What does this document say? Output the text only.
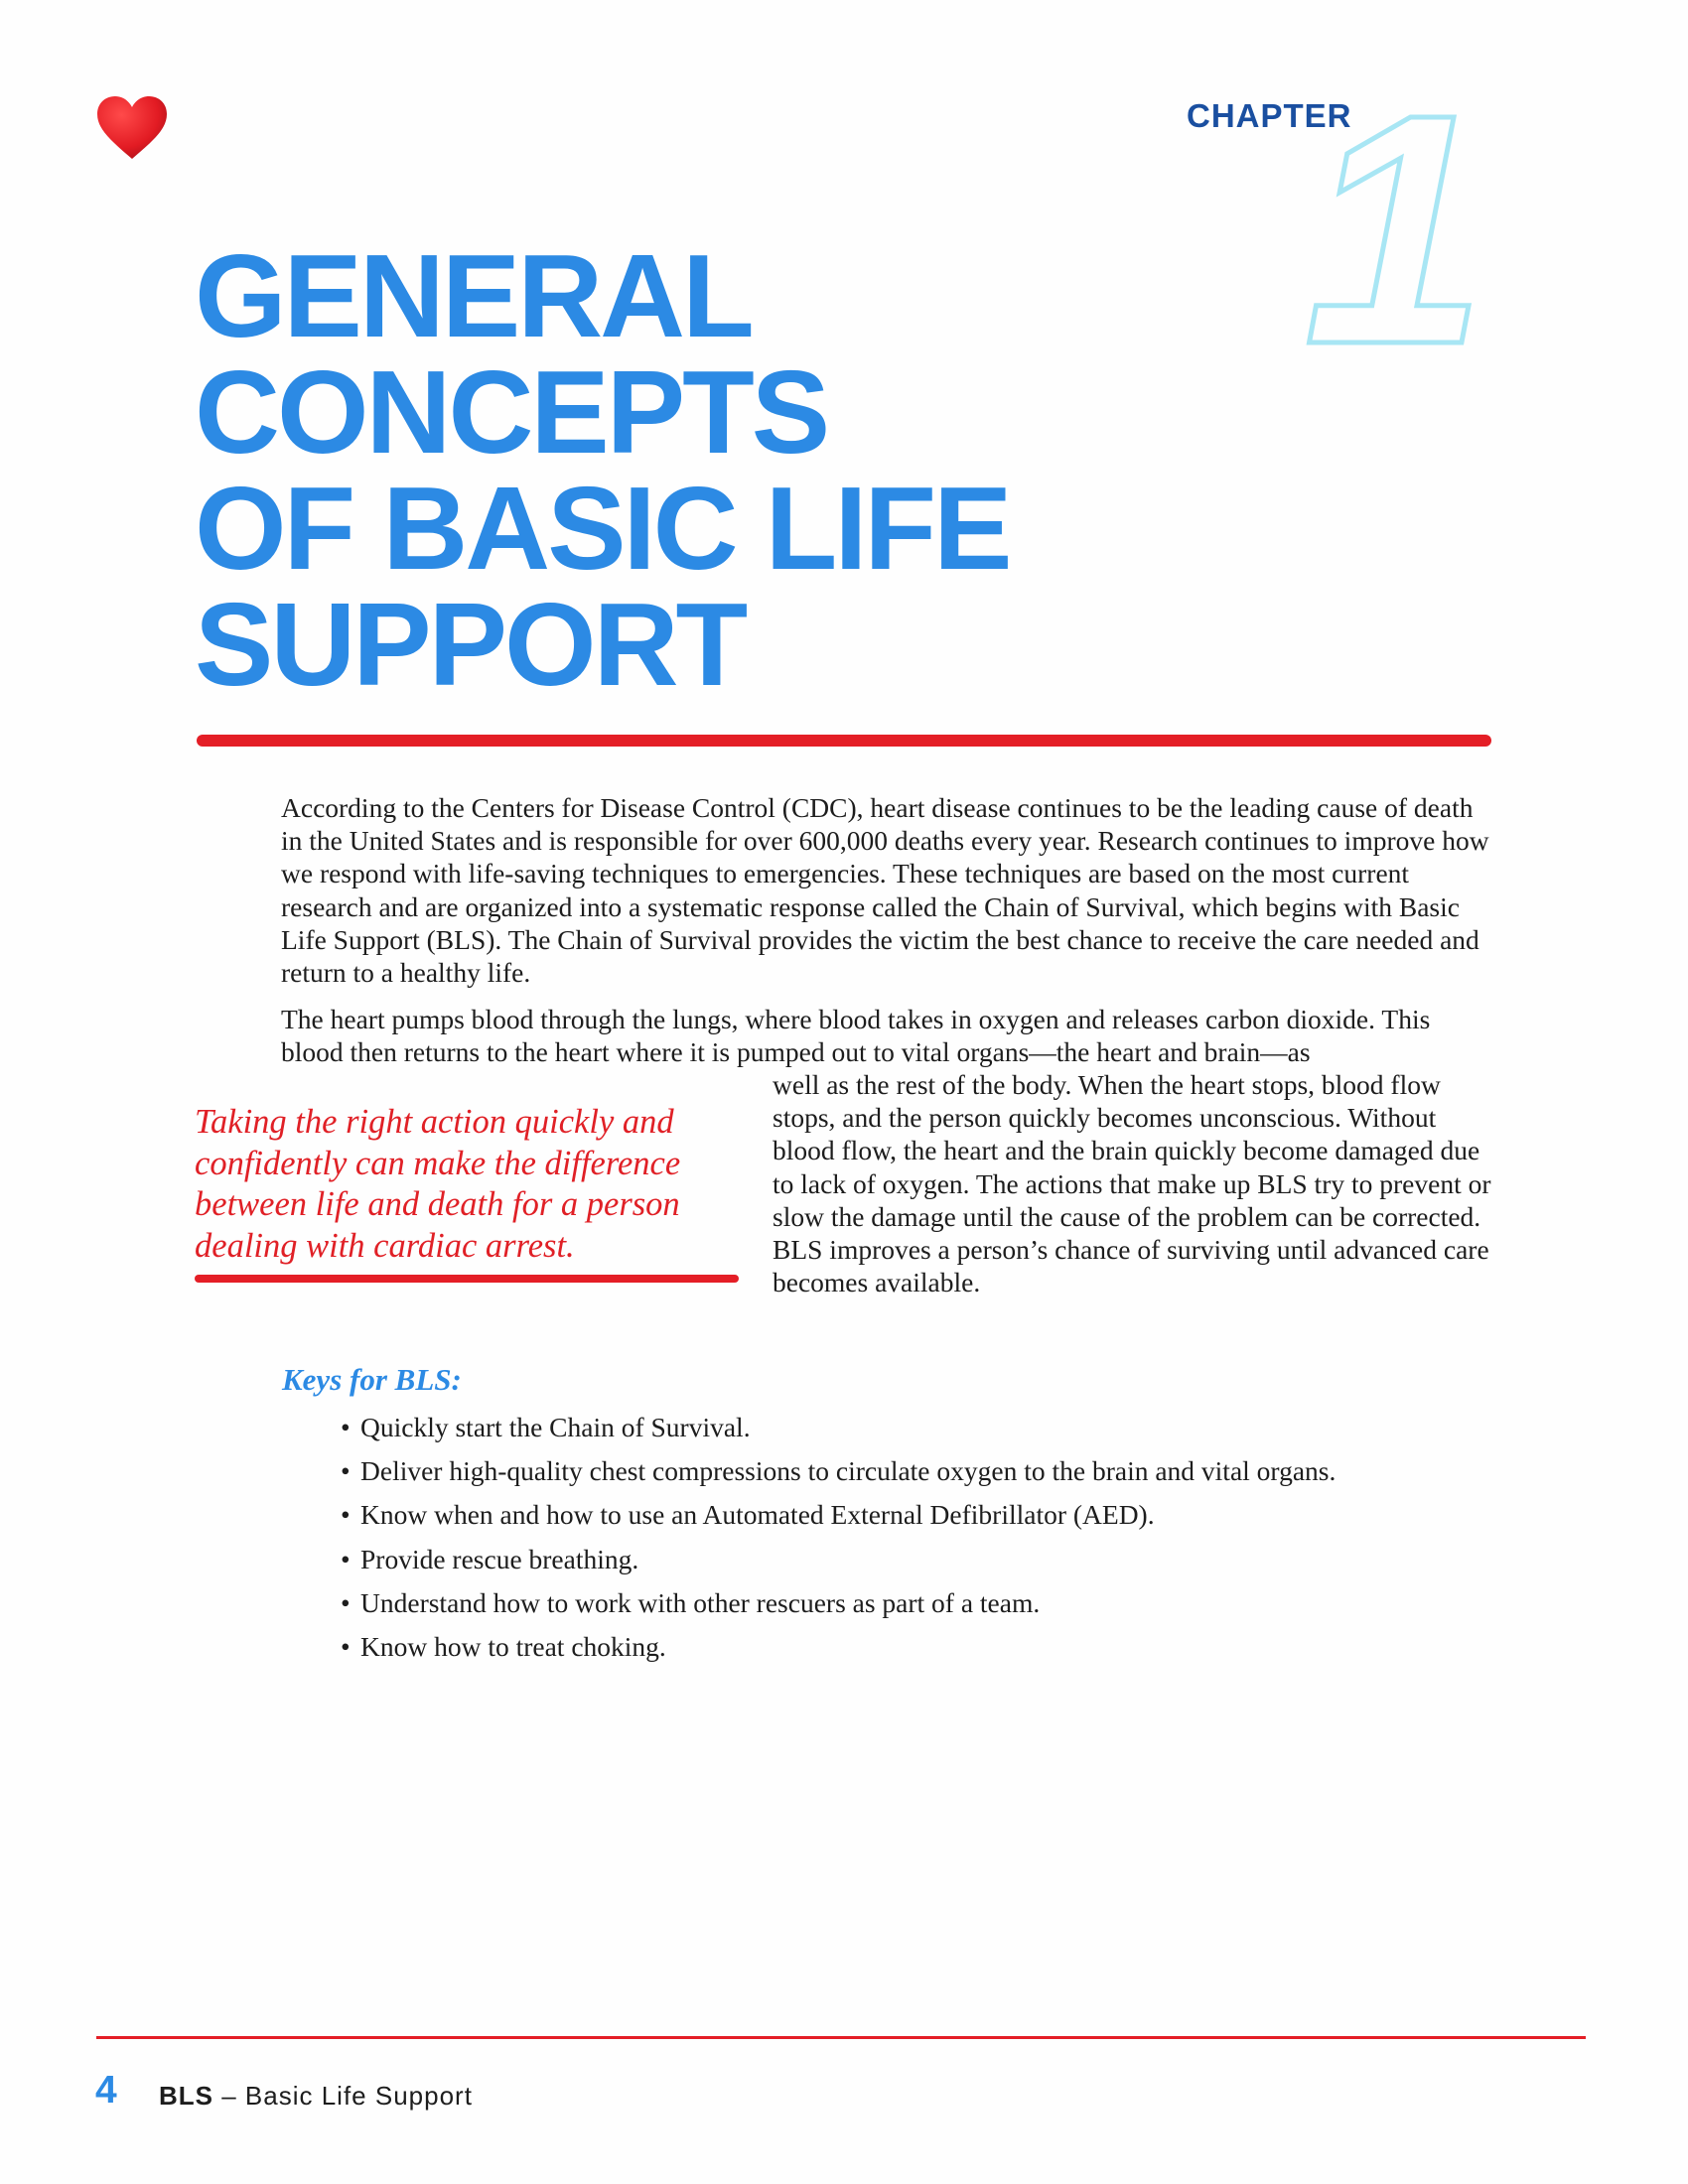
CHAPTER
1
GENERAL
CONCEPTS
OF BASIC LIFE
SUPPORT

According to the Centers for Disease Control (CDC), heart disease continues to be the leading cause of death in the United States and is responsible for over 600,000 deaths every year. Research continues to improve how we respond with life-saving techniques to emergencies. These techniques are based on the most current research and are organized into a systematic response called the Chain of Survival, which begins with Basic Life Support (BLS). The Chain of Survival provides the victim the best chance to receive the care needed and return to a healthy life.

The heart pumps blood through the lungs, where blood takes in oxygen and releases carbon dioxide. This blood then returns to the heart where it is pumped out to vital organs—the heart and brain—as

well as the rest of the body. When the heart stops, blood flow stops, and the person quickly becomes unconscious. Without blood flow, the heart and the brain quickly become damaged due to lack of oxygen. The actions that make up BLS try to prevent or slow the damage until the cause of the problem can be corrected. BLS improves a person’s chance of surviving until advanced care becomes available.

Taking the right action quickly and confidently can make the difference between life and death for a person dealing with cardiac arrest.

Keys for BLS:
• Quickly start the Chain of Survival.
• Deliver high-quality chest compressions to circulate oxygen to the brain and vital organs.
• Know when and how to use an Automated External Defibrillator (AED).
• Provide rescue breathing.
• Understand how to work with other rescuers as part of a team.
• Know how to treat choking.
4 BLS – Basic Life Support
